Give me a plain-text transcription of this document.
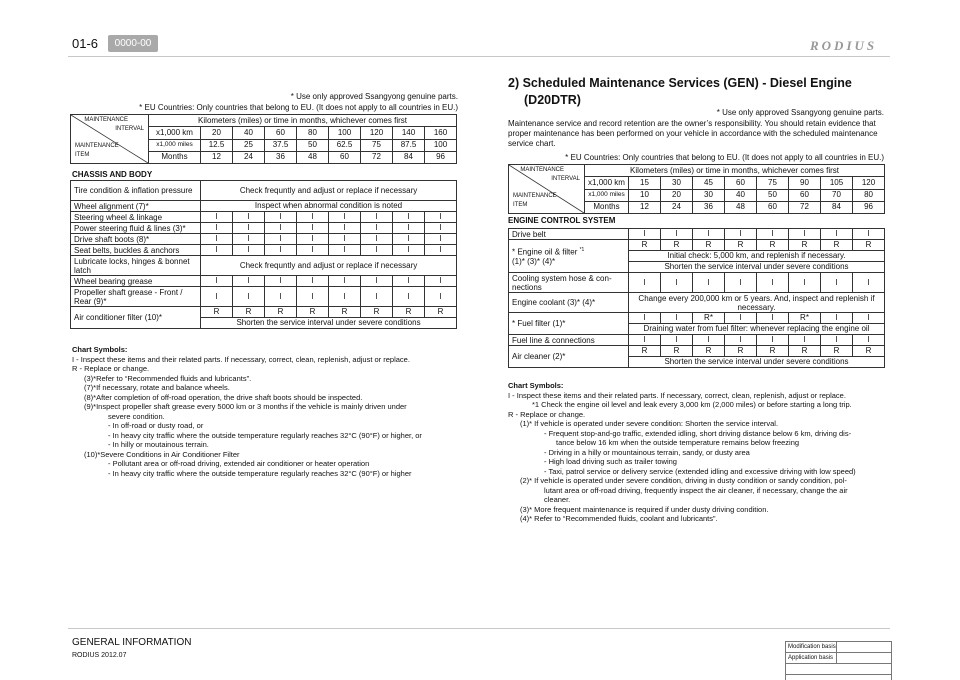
01-6	0000-00	RODIUS
* Use only approved Ssangyong genuine parts.
* EU Countries: Only countries that belong to EU. (It does not apply to all countries in EU.)
MAINTENANCE
INTERVAL
MAINTENANCE
ITEM	Kilometers (miles) or time in months, whichever comes first								
	x1,000 km	20	40	60	80	100	120	140	160
	x1,000 miles	12.5	25	37.5	50	62.5	75	87.5	100
	Months	12	24	36	48	60	72	84	96
CHASSIS AND BODY
Tire condition & inflation pressure	Check frequntly and adjust or replace if necessary							
Wheel alignment (7)*	Inspect when abnormal condition is noted							
Steering wheel & linkage	I	I	I	I	I	I	I	I
Power steering fluid & lines (3)*	I	I	I	I	I	I	I	I
Drive shaft boots (8)*	I	I	I	I	I	I	I	I
Seat belts, buckles & anchors	I	I	I	I	I	I	I	I
Lubricate locks, hinges & bonnet latch	Check frequntly and adjust or replace if necessary							
Wheel bearing grease	I	I	I	I	I	I	I	I
Propeller shaft grease - Front / Rear (9)*	I	I	I	I	I	I	I	I
Air conditioner filter (10)*	R	R	R	R	R	R	R	R
	Shorten the service interval under severe conditions							
Chart Symbols:
I - Inspect these items and their related parts. If necessary, correct, clean, replenish, adjust or replace.
R - Replace or change.
(3)*Refer to “Recommended fluids and lubricants”.
(7)*If necessary, rotate and balance wheels.
(8)*After completion of off-road operation, the drive shaft boots should be inspected.
(9)*Inspect propeller shaft grease every 5000 km or 3 months if the vehicle is mainly driven under
severe condition.
- In off-road or dusty road, or
- In heavy city traffic where the outside temperature regularly reaches 32°C (90°F) or higher, or
- In hilly or moutainous terrain.
(10)*Severe Conditions in Air Conditioner Filter
- Pollutant area or off-road driving, extended air conditioner or heater operation
- In heavy city traffic where the outside temperature regularly reaches 32°C (90°F) or higher
2) Scheduled Maintenance Services (GEN) - Diesel Engine
(D20DTR)
* Use only approved Ssangyong genuine parts.
Maintenance service and record retention are the owner’s responsibility. You should retain evidence that proper maintenance has been performed on your vehicle in accordance with the scheduled maintenance service chart.
* EU Countries: Only countries that belong to EU. (It does not apply to all countries in EU.)
MAINTENANCE
INTERVAL
MAINTENANCE
ITEM	Kilometers (miles) or time in months, whichever comes first								
	x1,000 km	15	30	45	60	75	90	105	120
	x1,000 miles	10	20	30	40	50	60	70	80
	Months	12	24	36	48	60	72	84	96
ENGINE CONTROL SYSTEM
Drive belt	I	I	I	I	I	I	I	I
* Engine oil & filter $^{*1}$
(1)* (3)* (4)*	R	R	R	R	R	R	R	R
	Initial check: 5,000 km, and replenish if necessary.							
	Shorten the service interval under severe conditions							
Cooling system hose & con-nections	I	I	I	I	I	I	I	I
Engine coolant (3)* (4)*	Change every 200,000 km or 5 years. And, inspect and replenish if necessary.							
* Fuel filter (1)*	I	I	R*	I	I	R*	I	I
	Draining water from fuel filter: whenever replacing the engine oil							
Fuel line & connections	I	I	I	I	I	I	I	I
Air cleaner (2)*	R	R	R	R	R	R	R	R
	Shorten the service interval under severe conditions							
Chart Symbols:
I - Inspect these items and their related parts. If necessary, correct, clean, replenish, adjust or replace.
*1 Check the engine oil level and leak every 3,000 km (2,000 miles) or before starting a long trip.
R - Replace or change.
(1)* If vehicle is operated under severe condition: Shorten the service interval.
- Frequent stop-and-go traffic, extended idling, short driving distance below 6 km, driving dis-
tance below 16 km when the outside temperature remains below freezing
- Driving in a hilly or mountainous terrain, sandy, or dusty area
- High load driving such as trailer towing
- Taxi, patrol service or delivery service (extended idling and excessive driving with low speed)
(2)* If vehicle is operated under severe condition, driving in dusty condition or sandy condition, pol-
lutant area or off-road driving, frequently inspect the air cleaner, if necessary, change the air
cleaner.
(3)* More frequent maintenance is required if under dusty driving condition.
(4)* Refer to “Recommended fluids, coolant and lubricants”.
GENERAL INFORMATION
RODIUS 2012.07
Modification basis
Application basis
